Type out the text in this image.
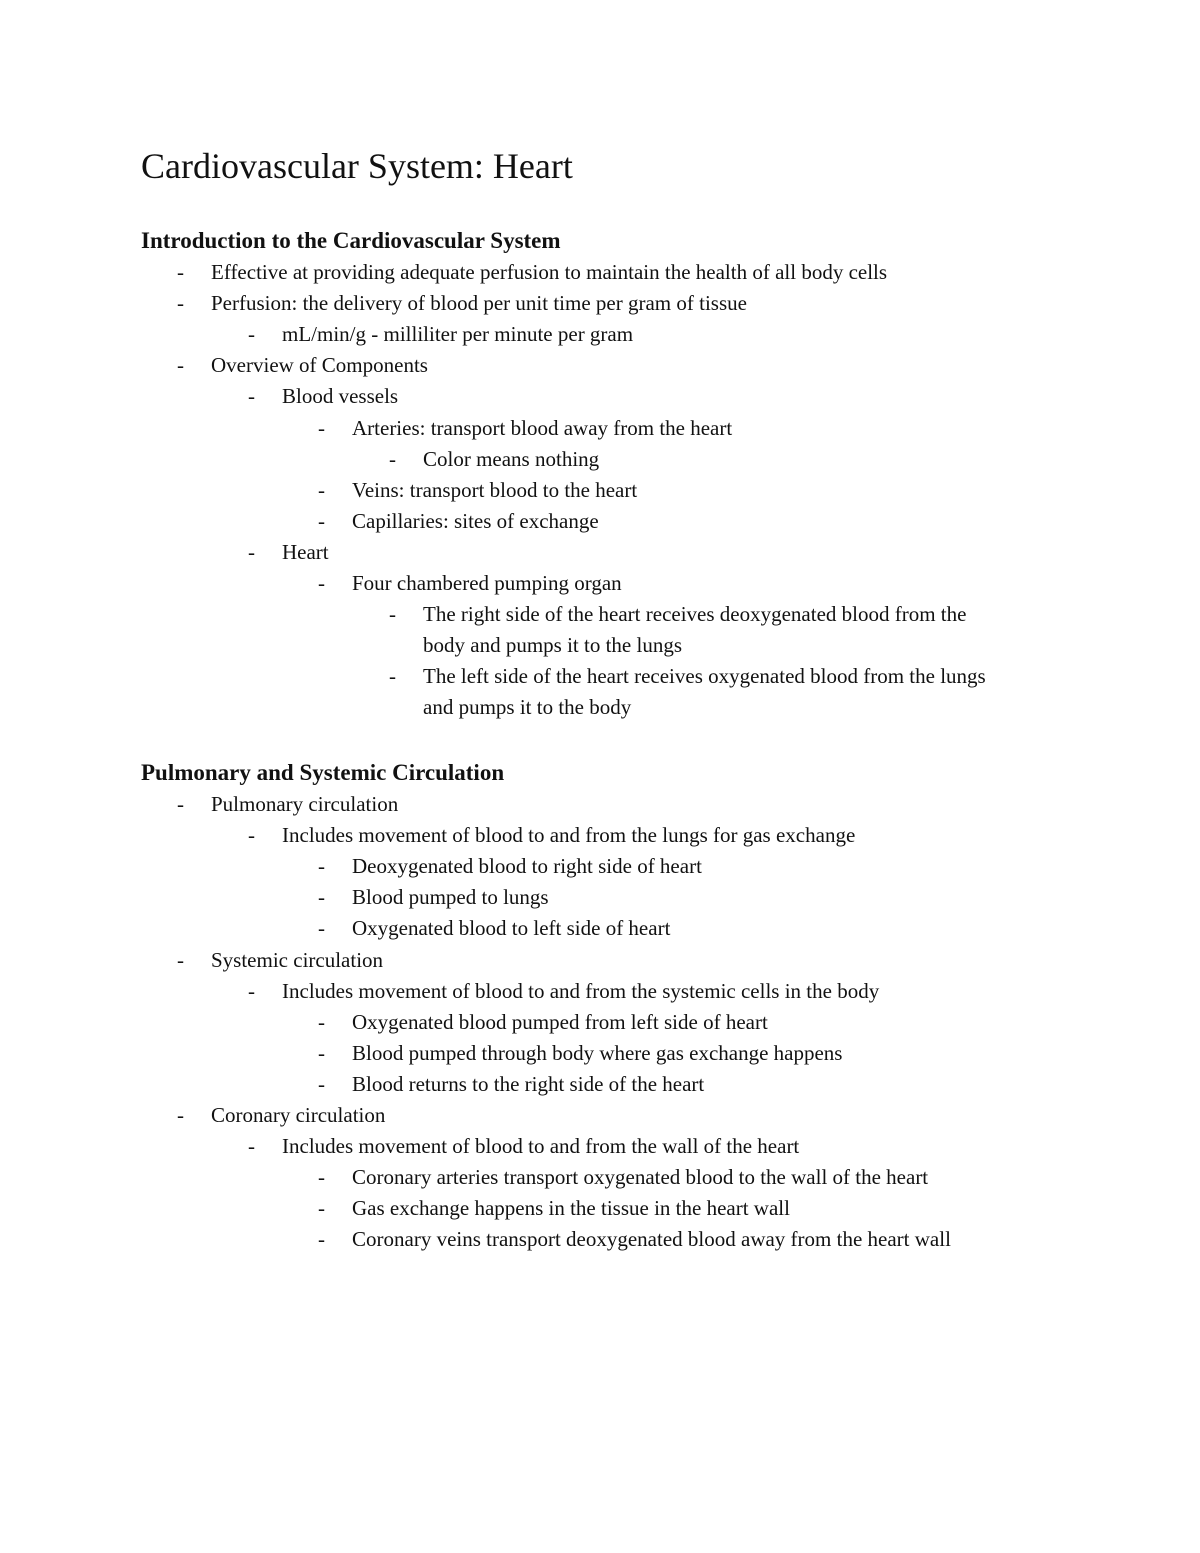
Cardiovascular System: Heart
Introduction to the Cardiovascular System
- Effective at providing adequate perfusion to maintain the health of all body cells
- Perfusion: the delivery of blood per unit time per gram of tissue
- mL/min/g - milliliter per minute per gram
- Overview of Components
- Blood vessels
- Arteries: transport blood away from the heart
- Color means nothing
- Veins: transport blood to the heart
- Capillaries: sites of exchange
- Heart
- Four chambered pumping organ
- The right side of the heart receives deoxygenated blood from the
body and pumps it to the lungs
- The left side of the heart receives oxygenated blood from the lungs
and pumps it to the body
Pulmonary and Systemic Circulation
- Pulmonary circulation
- Includes movement of blood to and from the lungs for gas exchange
- Deoxygenated blood to right side of heart
- Blood pumped to lungs
- Oxygenated blood to left side of heart
- Systemic circulation
- Includes movement of blood to and from the systemic cells in the body
- Oxygenated blood pumped from left side of heart
- Blood pumped through body where gas exchange happens
- Blood returns to the right side of the heart
- Coronary circulation
- Includes movement of blood to and from the wall of the heart
- Coronary arteries transport oxygenated blood to the wall of the heart
- Gas exchange happens in the tissue in the heart wall
- Coronary veins transport deoxygenated blood away from the heart wall
